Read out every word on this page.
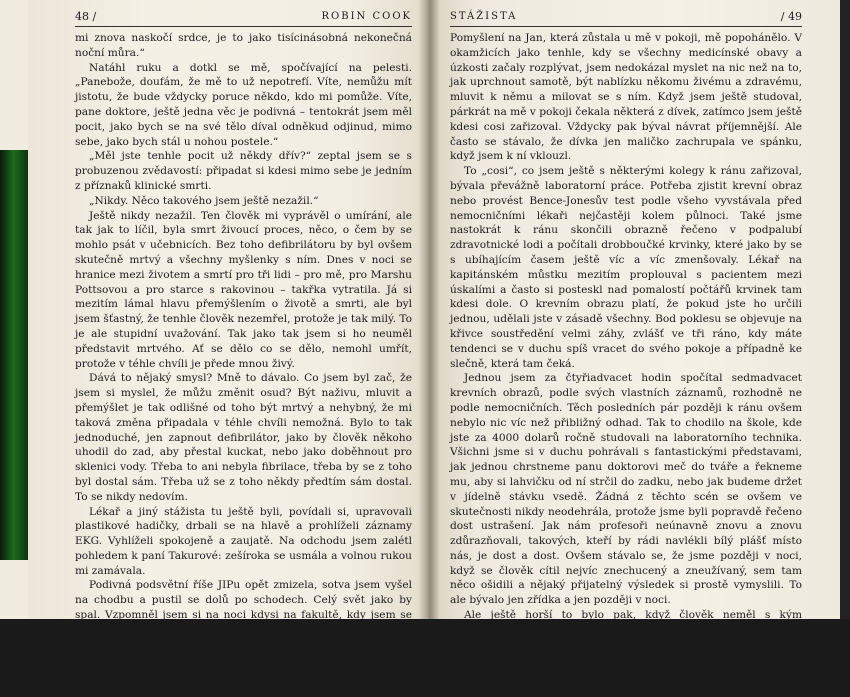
48 /	ROBIN COOK

mi znova naskočí srdce, je to jako tisícinásobná nekonečná noční můra.“

Natáhl ruku a dotkl se mě, spočívající na pelesti. „Panebože, doufám, že mě to už nepotrefí. Víte, nemůžu mít jistotu, že bude vždycky poruce někdo, kdo mi pomůže. Víte, pane doktore, ještě jedna věc je podivná – tentokrát jsem měl pocit, jako bych se na své tělo díval odněkud odjinud, mimo sebe, jako bych stál u nohou postele.“

„Měl jste tenhle pocit už někdy dřív?“ zeptal jsem se s probuzenou zvědavostí: připadat si kdesi mimo sebe je jedním z příznaků klinické smrti.

„Nikdy. Něco takového jsem ještě nezažil.“

Ještě nikdy nezažil. Ten člověk mi vyprávěl o umírání, ale tak jak to líčil, byla smrt živoucí proces, něco, o čem by se mohlo psát v učebnicích. Bez toho defibrilátoru by byl ovšem skutečně mrtvý a všechny myšlenky s ním. Dnes v noci se hranice mezi životem a smrtí pro tři lidi – pro mě, pro Marshu Pottsovou a pro starce s rakovinou – takřka vytratila. Já si mezitím lámal hlavu přemýšlením o životě a smrti, ale byl jsem šťastný, že tenhle člověk nezemřel, protože je tak milý. To je ale stupidní uvažování. Tak jako tak jsem si ho neuměl představit mrtvého. Ať se dělo co se dělo, nemohl umřít, protože v téhle chvíli je přede mnou živý.

Dává to nějaký smysl? Mně to dávalo. Co jsem byl zač, že jsem si myslel, že můžu změnit osud? Být naživu, mluvit a přemýšlet je tak odlišné od toho být mrtvý a nehybný, že mi taková změna připadala v téhle chvíli nemožná. Bylo to tak jednoduché, jen zapnout defibrilátor, jako by člověk někoho uhodil do zad, aby přestal kuckat, nebo jako doběhnout pro sklenici vody. Třeba to ani nebyla fibrilace, třeba by se z toho byl dostal sám. Třeba už se z toho někdy předtím sám dostal. To se nikdy nedovím.

Lékař a jiný stážista tu ještě byli, povídali si, upravovali plastikové hadičky, drbali se na hlavě a prohlíželi záznamy EKG. Vyhlíželi spokojeně a zaujatě. Na odchodu jsem zalétl pohledem k paní Takurové: zešíroka se usmála a volnou rukou mi zamávala.

Podivná podsvětní říše JIPu opět zmizela, sotva jsem vyšel na chodbu a pustil se dolů po schodech. Celý svět jako by spal. Vzpomněl jsem si na noci kdysi na fakultě, kdy jsem se plahočil z nemocnice k domovu všim, co jen pro mě zíma dokázala uchystat. Ironické bylo, že jasné, hvězdnaté noci jako tahle bývaly ještě horší. Člověk by byl klel, jak byl osamělý. Na Havaji byla skoro každá noc jasná, třpytivá tisícerými hvězdami a chlazená lehkým vánkem.

STÁŽISTA	/ 49

Pomyšlení na Jan, která zůstala u mě v pokoji, mě popohánělo. V okamžicích jako tenhle, kdy se všechny medicínské obavy a úzkosti začaly rozplývat, jsem nedokázal myslet na nic než na to, jak uprchnout samotě, být nablízku někomu živému a zdravému, mluvit k němu a milovat se s ním. Když jsem ještě studoval, párkrát na mě v pokoji čekala některá z dívek, zatímco jsem ještě kdesi cosi zařizoval. Vždycky pak býval návrat příjemnější. Ale často se stávalo, že dívka jen maličko zachrupala ve spánku, když jsem k ní vklouzl.

To „cosi“, co jsem ještě s některými kolegy k ránu zařizoval, bývala převážně laboratorní práce. Potřeba zjistit krevní obraz nebo provést Bence-Jonesův test podle všeho vyvstávala před nemocničními lékaři nejčastěji kolem půlnoci. Také jsme nastokrát k ránu skončili obrazně řečeno v podpalubí zdravotnické lodi a počítali drobboučké krvinky, které jako by se s ubíhajícím časem ještě víc a víc zmenšovaly. Lékař na kapitánském můstku mezitím proplouval s pacientem mezi úskalími a často si posteskl nad pomalostí počtářů krvinek tam kdesi dole. O krevním obrazu platí, že pokud jste ho určili jednou, udělali jste v zásadě všechny. Bod poklesu se objevuje na křivce soustředění velmi záhy, zvlášť ve tři ráno, kdy máte tendenci se v duchu spíš vracet do svého pokoje a případně ke slečně, která tam čeká.

Jednou jsem za čtyřiadvacet hodin spočítal sedmadvacet krevních obrazů, podle svých vlastních záznamů, rozhodně ne podle nemocničních. Těch posledních pár později k ránu ovšem nebylo nic víc než přibližný odhad. Tak to chodilo na škole, kde jste za 4000 dolarů ročně studovali na laboratorního technika. Všichni jsme si v duchu pohrávali s fantastickými představami, jak jednou chrstneme panu doktorovi meč do tváře a řekneme mu, aby si lahvičku od ní strčil do zadku, nebo jak budeme držet v jídelně stávku vsedě. Žádná z těchto scén se ovšem ve skutečnosti nikdy neodehrála, protože jsme byli popravdě řečeno dost ustrašení. Jak nám profesoři neúnavně znovu a znovu zdůrazňovali, takových, kteří by rádi navlékli bílý plášť místo nás, je dost a dost. Ovšem stávalo se, že jsme později v noci, když se člověk cítil nejvíc znechucený a zneužívaný, sem tam něco ošidili a nějaký přijatelný výsledek si prostě vymyslili. To ale bývalo jen zřídka a jen později v noci.

Ale ještě horší to bylo pak, když člověk neměl s kým promluvit. Zdálo se, jako by celý svět spal a kašlal na vaše přesvědčení, že lékařská výuka je na houby a pro kočku. Tak jste si přispíšili do svého pokoje k rozespalé dívce, konečně vděční alespoň za její hřejivé tělo.
